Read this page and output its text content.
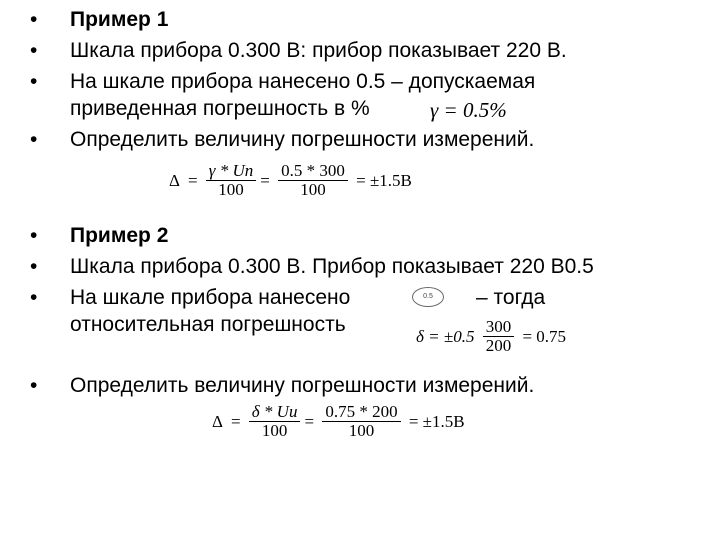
• Пример 1
• Шкала прибора 0.300 В: прибор показывает 220 В.
• На шкале прибора нанесено 0.5 – допускаемая
приведенная погрешность в %	γ = 0.5%
• Определить величину погрешности измерений.
$\Delta = \frac{\gamma * Un}{100} = \frac{0.5 * 300}{100} = \pm 1.5B$
• Пример 2
• Шкала прибора 0.300 В. Прибор показывает 220 В0.5
• На шкале прибора нанесено	0.5	– тогда
относительная погрешность	$\delta = \pm 0.5 \frac{300}{200} = 0.75$
• Определить величину погрешности измерений.
$\Delta = \frac{\delta * Uu}{100} = \frac{0.75 * 200}{100} = \pm 1.5B$
